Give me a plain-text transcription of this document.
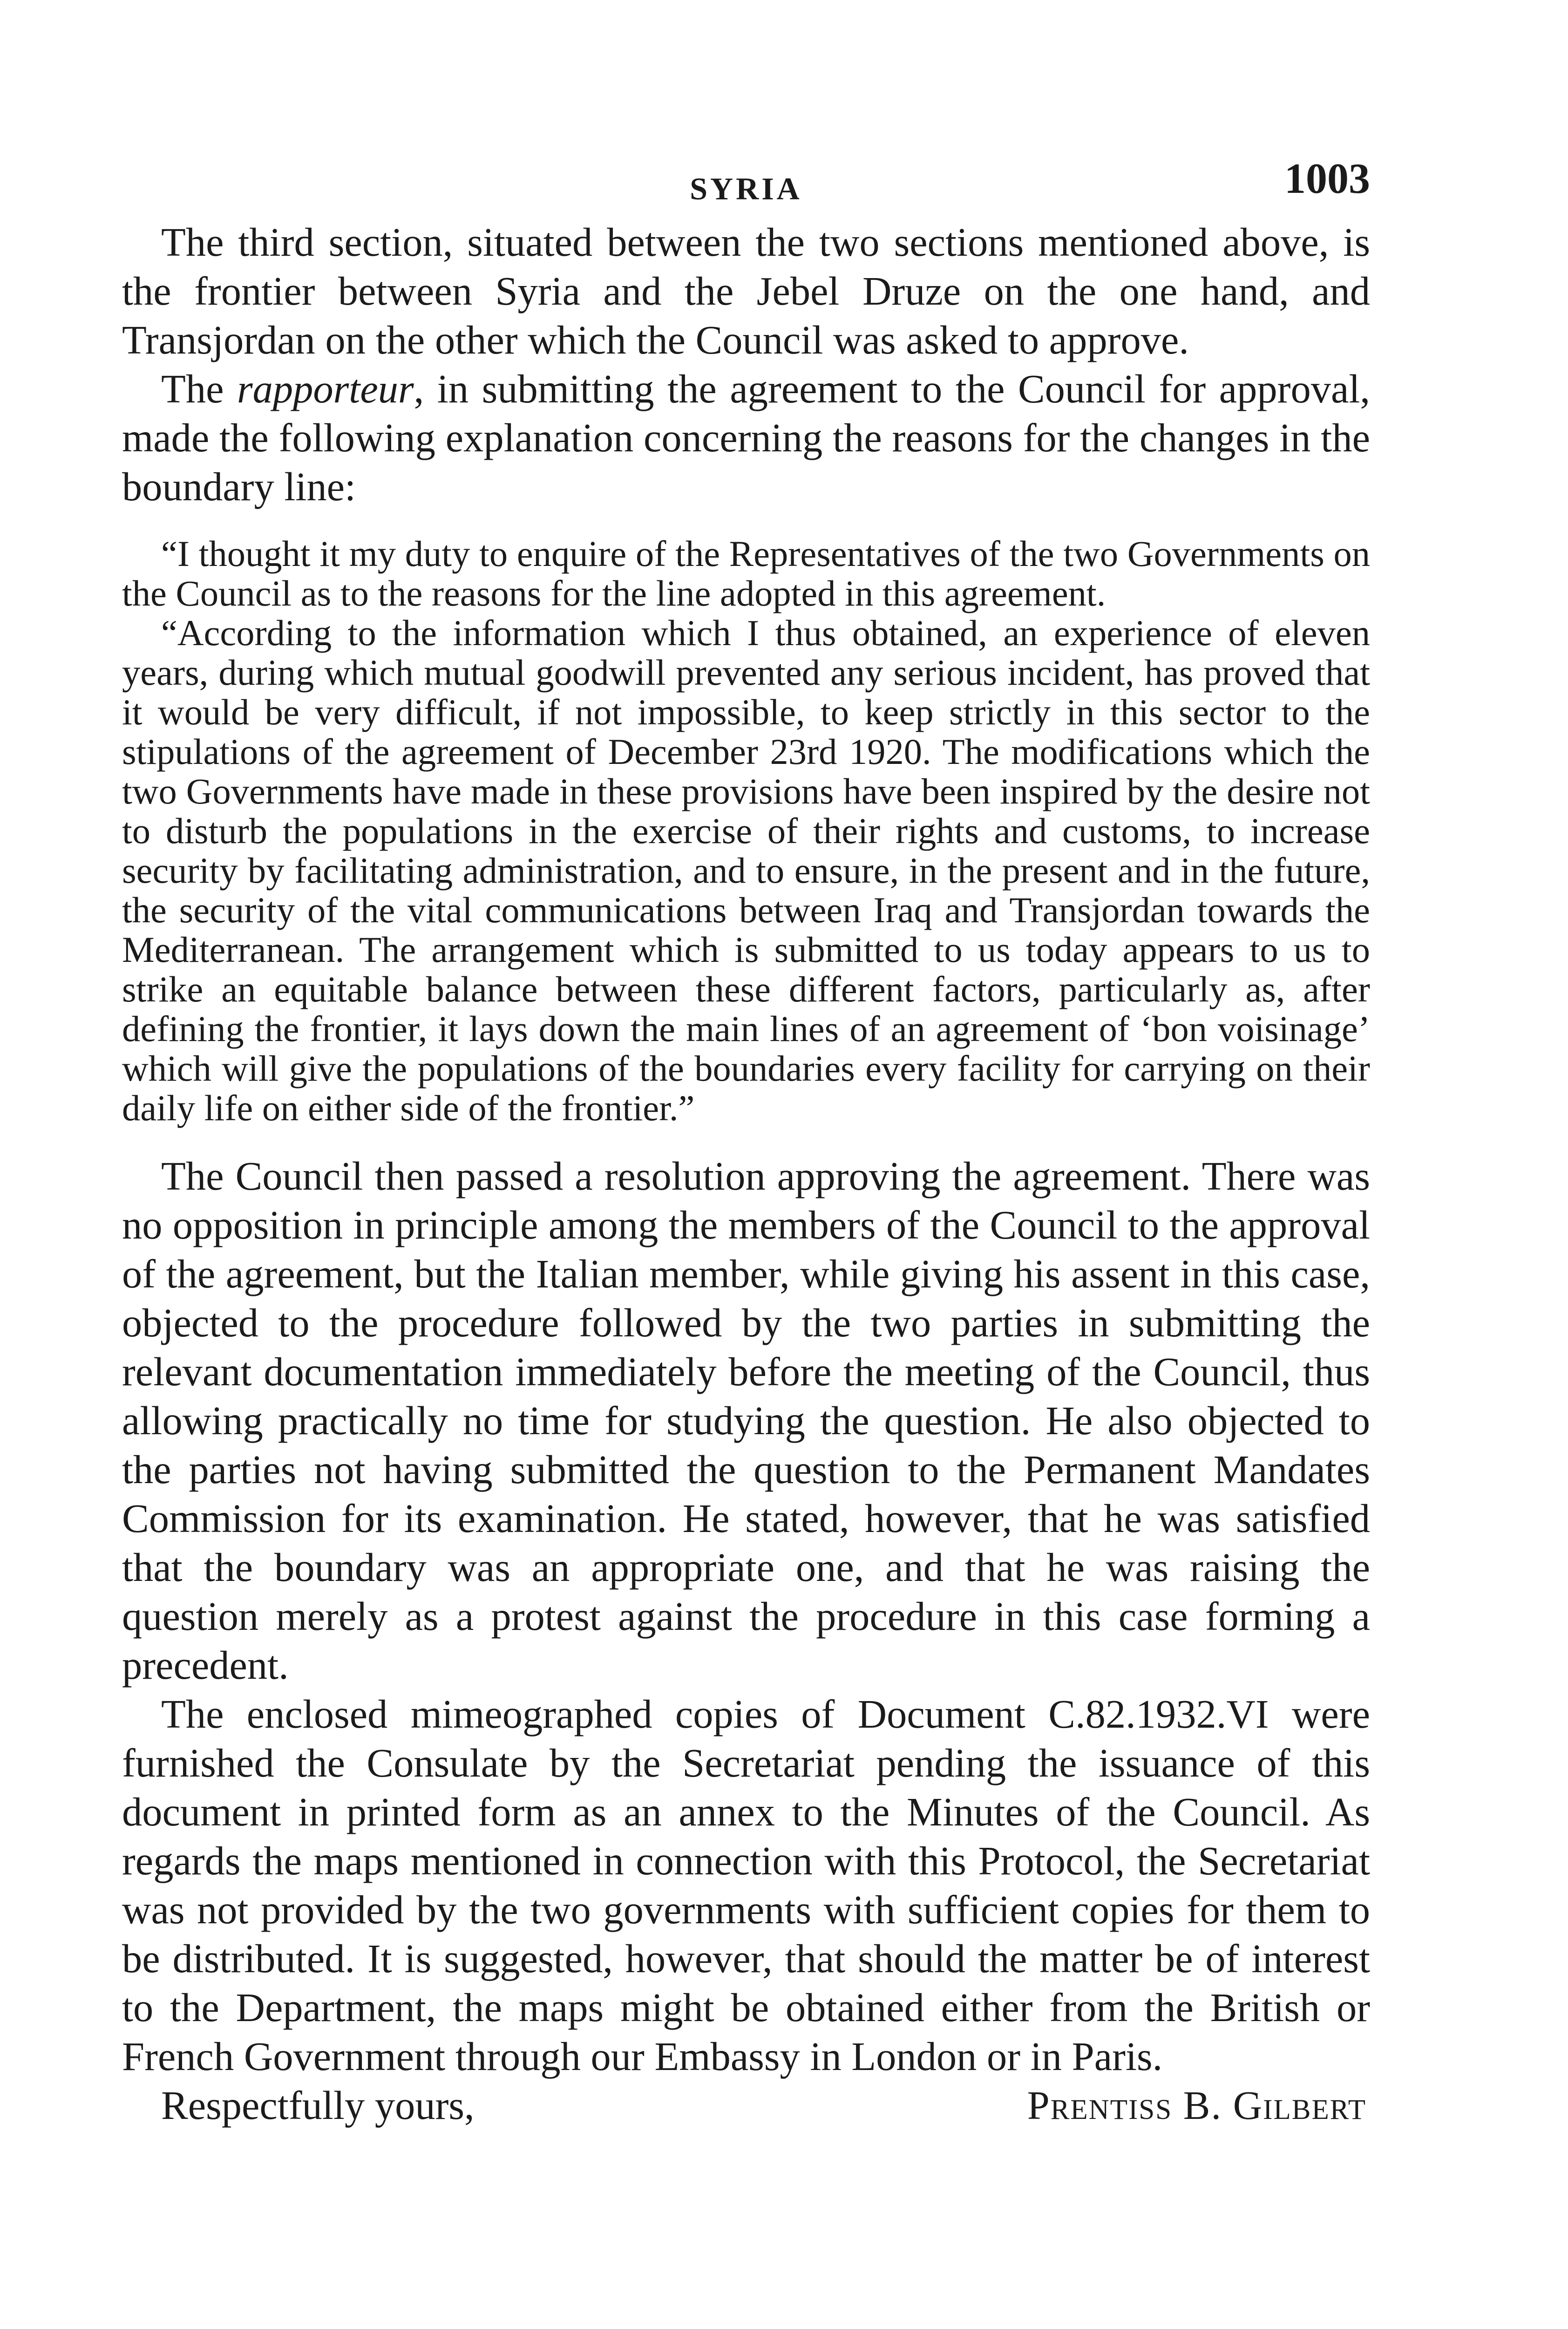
SYRIA	1003

The third section, situated between the two sections mentioned above, is the frontier between Syria and the Jebel Druze on the one hand, and Transjordan on the other which the Council was asked to approve.

The rapporteur, in submitting the agreement to the Council for approval, made the following explanation concerning the reasons for the changes in the boundary line:

“I thought it my duty to enquire of the Representatives of the two Governments on the Council as to the reasons for the line adopted in this agreement.

“According to the information which I thus obtained, an experience of eleven years, during which mutual goodwill prevented any serious incident, has proved that it would be very difficult, if not impossible, to keep strictly in this sector to the stipulations of the agreement of December 23rd 1920. The modifications which the two Governments have made in these provisions have been inspired by the desire not to disturb the populations in the exercise of their rights and customs, to increase security by facilitating administration, and to ensure, in the present and in the future, the security of the vital communications between Iraq and Transjordan towards the Mediterranean. The arrangement which is submitted to us today appears to us to strike an equitable balance between these different factors, particularly as, after defining the frontier, it lays down the main lines of an agreement of ‘bon voisinage’ which will give the populations of the boundaries every facility for carrying on their daily life on either side of the frontier.”

The Council then passed a resolution approving the agreement. There was no opposition in principle among the members of the Council to the approval of the agreement, but the Italian member, while giving his assent in this case, objected to the procedure followed by the two parties in submitting the relevant documentation immediately before the meeting of the Council, thus allowing practically no time for studying the question. He also objected to the parties not having submitted the question to the Permanent Mandates Commission for its examination. He stated, however, that he was satisfied that the boundary was an appropriate one, and that he was raising the question merely as a protest against the procedure in this case forming a precedent.

The enclosed mimeographed copies of Document C.82.1932.VI were furnished the Consulate by the Secretariat pending the issuance of this document in printed form as an annex to the Minutes of the Council. As regards the maps mentioned in connection with this Protocol, the Secretariat was not provided by the two governments with sufficient copies for them to be distributed. It is suggested, however, that should the matter be of interest to the Department, the maps might be obtained either from the British or French Government through our Embassy in London or in Paris.

Respectfully yours,	Prentiss B. Gilbert
